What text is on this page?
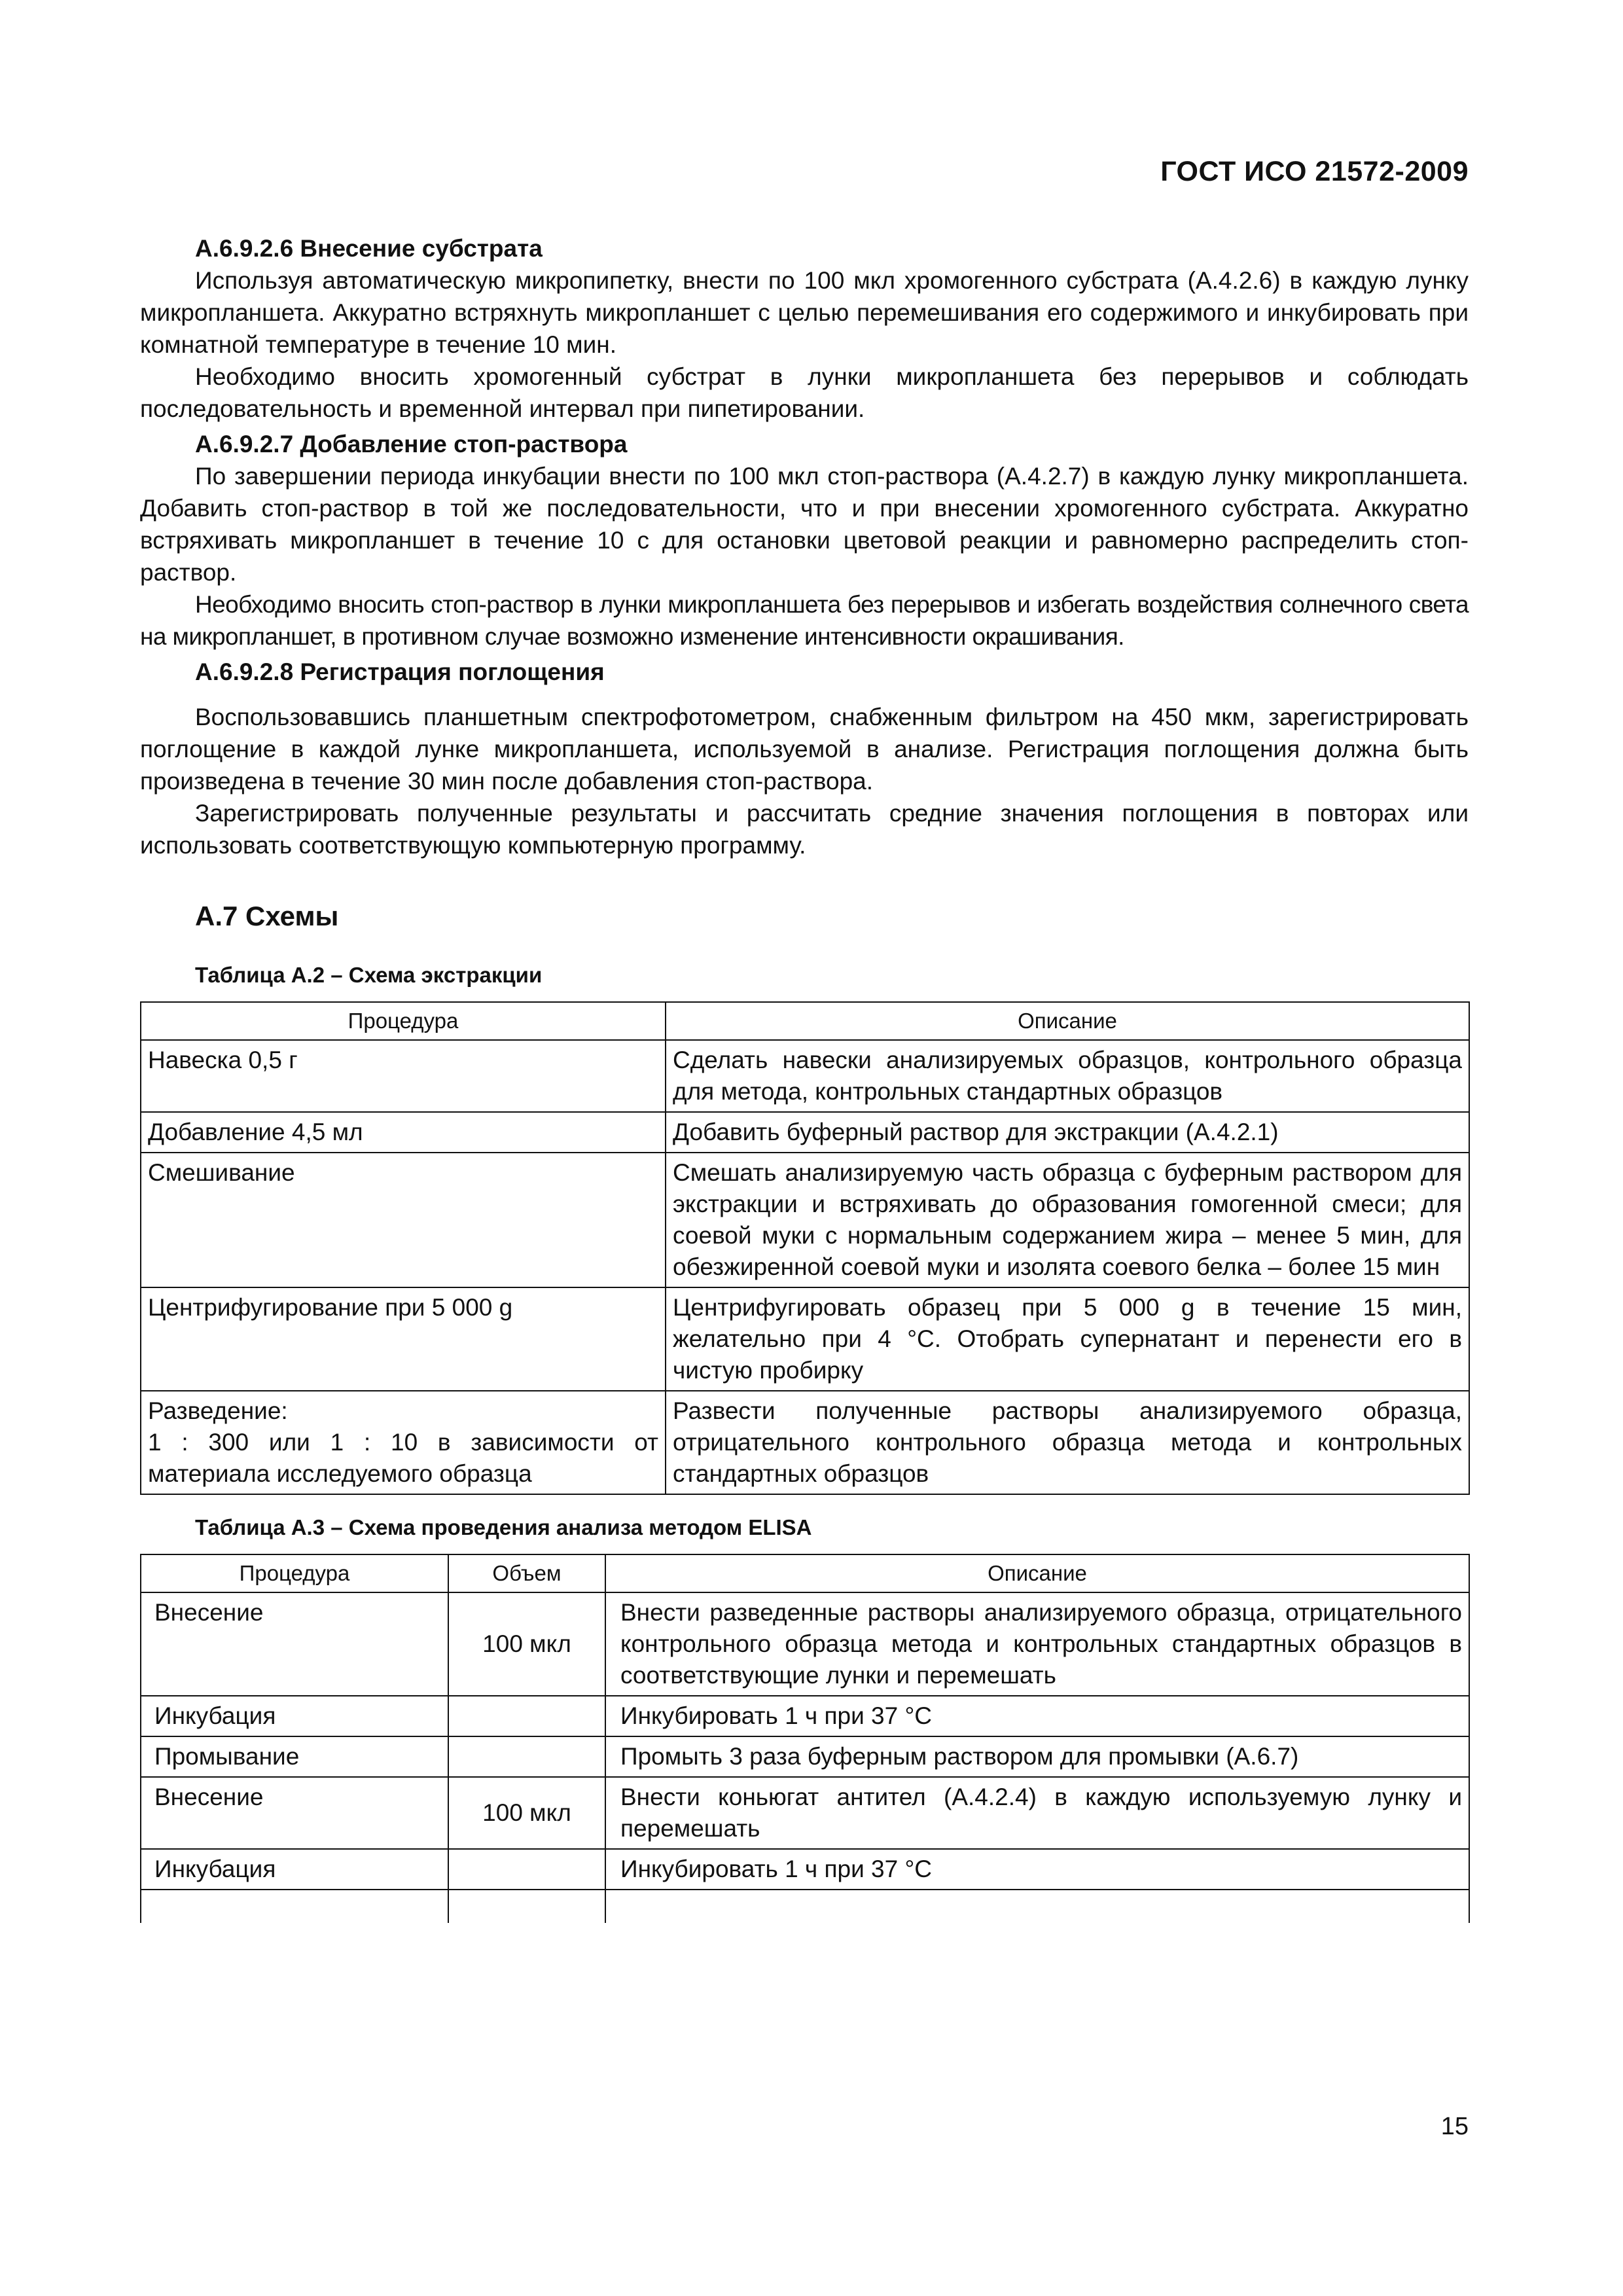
ГОСТ ИСО 21572-2009

А.6.9.2.6 Внесение субстрата

Используя автоматическую микропипетку, внести по 100 мкл хромогенного субстрата (А.4.2.6) в каждую лунку микропланшета. Аккуратно встряхнуть микропланшет с целью перемешивания его содержимого и инкубировать при комнатной температуре в течение 10 мин.

Необходимо вносить хромогенный субстрат в лунки микропланшета без перерывов и соблюдать последовательность и временной интервал при пипетировании.

А.6.9.2.7 Добавление стоп-раствора

По завершении периода инкубации внести по 100 мкл стоп-раствора (А.4.2.7) в каждую лунку микропланшета. Добавить стоп-раствор в той же последовательности, что и при внесении хромогенного субстрата. Аккуратно встряхивать микропланшет в течение 10 с для остановки цветовой реакции и равномерно распределить стоп-раствор.

Необходимо вносить стоп-раствор в лунки микропланшета без перерывов и избегать воздействия солнечного света на микропланшет, в противном случае возможно изменение интенсивности окрашивания.

А.6.9.2.8 Регистрация поглощения

Воспользовавшись планшетным спектрофотометром, снабженным фильтром на 450 мкм, зарегистрировать поглощение в каждой лунке микропланшета, используемой в анализе. Регистрация поглощения должна быть произведена в течение 30 мин после добавления стоп-раствора.

Зарегистрировать полученные результаты и рассчитать средние значения поглощения в повторах или использовать соответствующую компьютерную программу.

А.7 Схемы
Таблица А.2 – Схема экстракции
Процедура	Описание
Навеска 0,5 г	Сделать навески анализируемых образцов, контрольного образца для метода, контрольных стандартных образцов
Добавление 4,5 мл	Добавить буферный раствор для экстракции (А.4.2.1)
Смешивание	Смешать анализируемую часть образца с буферным раствором для экстракции и встряхивать до образования гомогенной смеси; для соевой муки с нормальным содержанием жира – менее 5 мин, для обезжиренной соевой муки и изолята соевого белка – более 15 мин
Центрифугирование при 5 000 g	Центрифугировать образец при 5 000 g в течение 15 мин, желательно при 4 °С. Отобрать супернатант и перенести его в чистую пробирку

Разведение:
1 : 300 или 1 : 10 в зависимости от материала исследуемого образца	Развести полученные растворы анализируемого образца, отрицательного контрольного образца метода и контрольных стандартных образцов
Таблица А.3 – Схема проведения анализа методом ELISA
Процедура	Объем	Описание
Внесение	100 мкл	Внести разведенные растворы анализируемого образца, отрицательного контрольного образца метода и контрольных стандартных образцов в соответствующие лунки и перемешать
Инкубация		Инкубировать 1 ч при 37 °С
Промывание		Промыть 3 раза буферным раствором для промывки (А.6.7)
Внесение	100 мкл	Внести коньюгат антител (А.4.2.4) в каждую используемую лунку и перемешать
Инкубация		Инкубировать 1 ч при 37 °С

15
